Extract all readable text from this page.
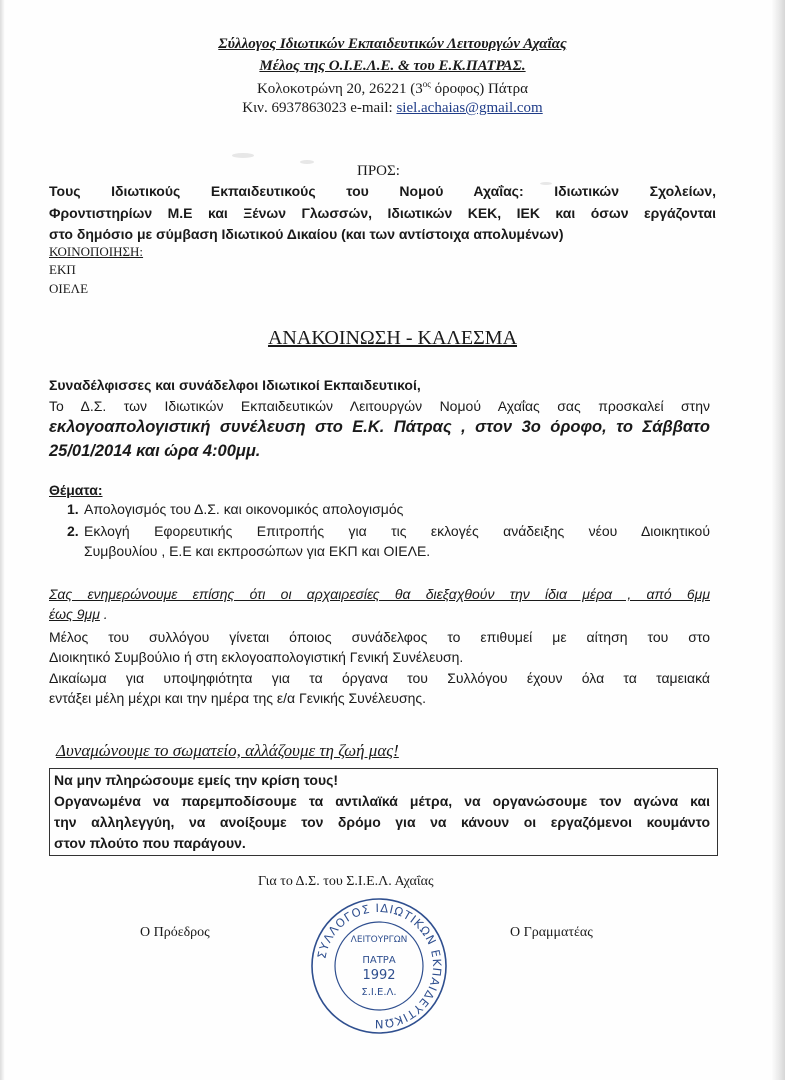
Σύλλογος Ιδιωτικών Εκπαιδευτικών Λειτουργών Αχαΐας
Μέλος της Ο.Ι.Ε.Λ.Ε. & του Ε.Κ.ΠΑΤΡΑΣ.
Κολοκοτρώνη 20, 26221 ($3^{o\varsigma}$ όροφος) Πάτρα
Κιν. 6937863023 e-mail: siel.achaias@gmail.com
ΠΡΟΣ:
Τους Ιδιωτικούς Εκπαιδευτικούς του Νομού Αχαΐας: Ιδιωτικών Σχολείων,
Φροντιστηρίων Μ.Ε και Ξένων Γλωσσών, Ιδιωτικών ΚΕΚ, ΙΕΚ και όσων εργάζονται
στο δημόσιο με σύμβαση Ιδιωτικού Δικαίου (και των αντίστοιχα απολυμένων)
ΚΟΙΝΟΠΟΙΗΣΗ:
ΕΚΠ
ΟΙΕΛΕ
ΑΝΑΚΟΙΝΩΣΗ - ΚΑΛΕΣΜΑ
Συναδέλφισσες και συνάδελφοι Ιδιωτικοί Εκπαιδευτικοί,
Το Δ.Σ. των Ιδιωτικών Εκπαιδευτικών Λειτουργών Νομού Αχαΐας σας προσκαλεί στην
εκλογοαπολογιστική συνέλευση στο Ε.Κ. Πάτρας , στον 3ο όροφο, το Σάββατο
25/01/2014 και ώρα 4:00μμ.
Θέματα:
1. Απολογισμός του Δ.Σ. και οικονομικός απολογισμός
2. Εκλογή Εφορευτικής Επιτροπής για τις εκλογές ανάδειξης νέου Διοικητικού
Συμβουλίου , Ε.Ε και εκπροσώπων για ΕΚΠ και ΟΙΕΛΕ.
Σας ενημερώνουμε επίσης ότι οι αρχαιρεσίες θα διεξαχθούν την ίδια μέρα , από 6μμ
έως 9μμ .
Μέλος του συλλόγου γίνεται όποιος συνάδελφος το επιθυμεί με αίτηση του στο
Διοικητικό Συμβούλιο ή στη εκλογοαπολογιστική Γενική Συνέλευση.
Δικαίωμα για υποψηφιότητα για τα όργανα του Συλλόγου έχουν όλα τα ταμειακά
εντάξει μέλη μέχρι και την ημέρα της ε/α Γενικής Συνέλευσης.
Δυναμώνουμε το σωματείο, αλλάζουμε τη ζωή μας!
Να μην πληρώσουμε εμείς την κρίση τους!
Οργανωμένα να παρεμποδίσουμε τα αντιλαϊκά μέτρα, να οργανώσουμε τον αγώνα και
την αλληλεγγύη, να ανοίξουμε τον δρόμο για να κάνουν οι εργαζόμενοι κουμάντο
στον πλούτο που παράγουν.
Για το Δ.Σ. του Σ.Ι.Ε.Λ. Αχαΐας
Ο Πρόεδρος	Ο Γραμματέας
ΣΥΛΛΟΓΟΣ ΙΔΙΩΤΙΚΩΝ ΕΚΠΑΙΔΕΥΤΙΚΩΝ
ΛΕΙΤΟΥΡΓΩΝ
ΠΑΤΡΑ
1992
Σ.Ι.Ε.Λ.
